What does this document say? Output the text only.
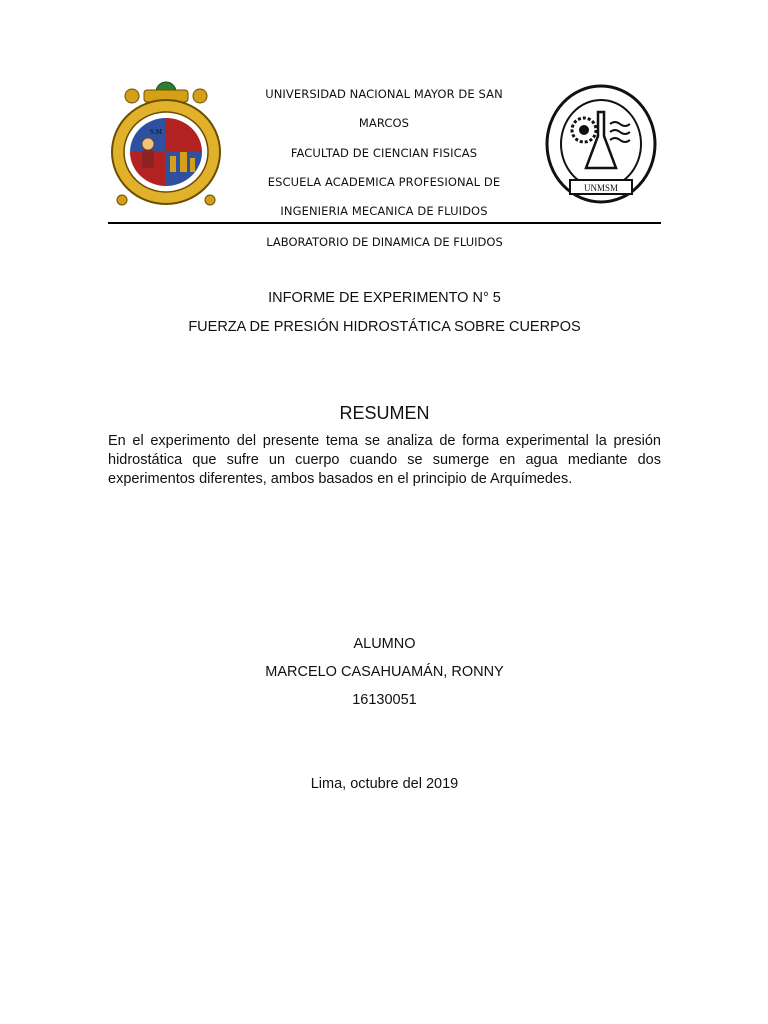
S.M
UNMSM
UNIVERSIDAD NACIONAL MAYOR DE SAN
MARCOS
FACULTAD DE CIENCIAN FISICAS
ESCUELA ACADEMICA PROFESIONAL DE
INGENIERIA MECANICA DE FLUIDOS
LABORATORIO DE DINAMICA DE FLUIDOS
INFORME DE EXPERIMENTO N° 5
FUERZA DE PRESIÓN HIDROSTÁTICA SOBRE CUERPOS
RESUMEN
En el experimento del presente tema se analiza de forma experimental la presión hidrostática que sufre un cuerpo cuando se sumerge en agua mediante dos experimentos diferentes, ambos basados en el principio de Arquímedes.
ALUMNO
MARCELO CASAHUAMÁN, RONNY
16130051
Lima, octubre del 2019
